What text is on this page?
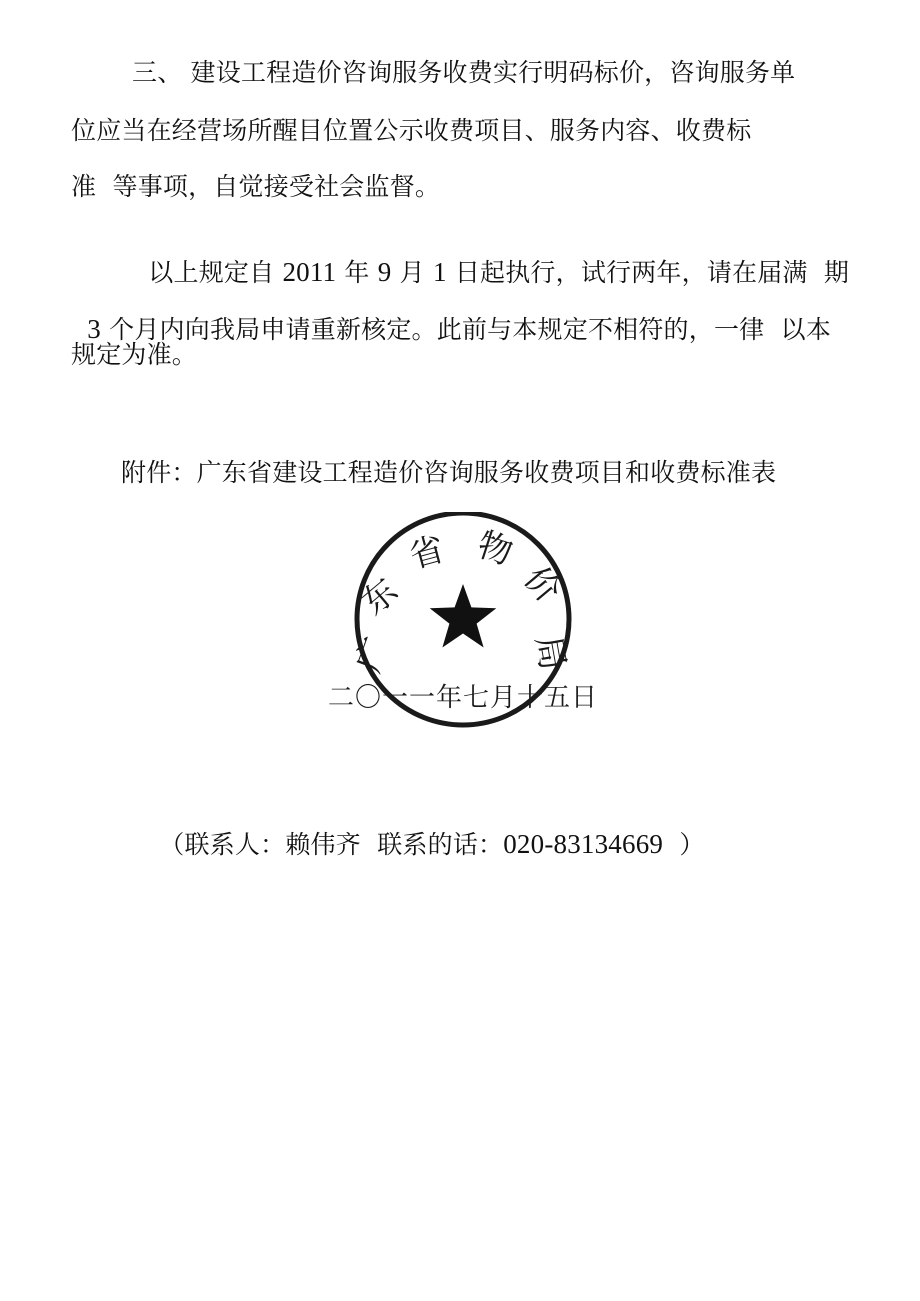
三、 建设工程造价咨询服务收费实行明码标价，咨询服务单
位应当在经营场所醒目位置公示收费项目、服务内容、收费标
准  等事项，自觉接受社会监督。

以上规定自 2011 年 9 月 1 日起执行，试行两年，请在届满  期

3 个月内向我局申请重新核定。此前与本规定不相符的，一律  以本

规定为准。
附件：广东省建设工程造价咨询服务收费项目和收费标准表
广
东
省 物
价
局
二〇一一年七月十五日

（联系人：赖伟齐  联系的话：020-83134669  ）
